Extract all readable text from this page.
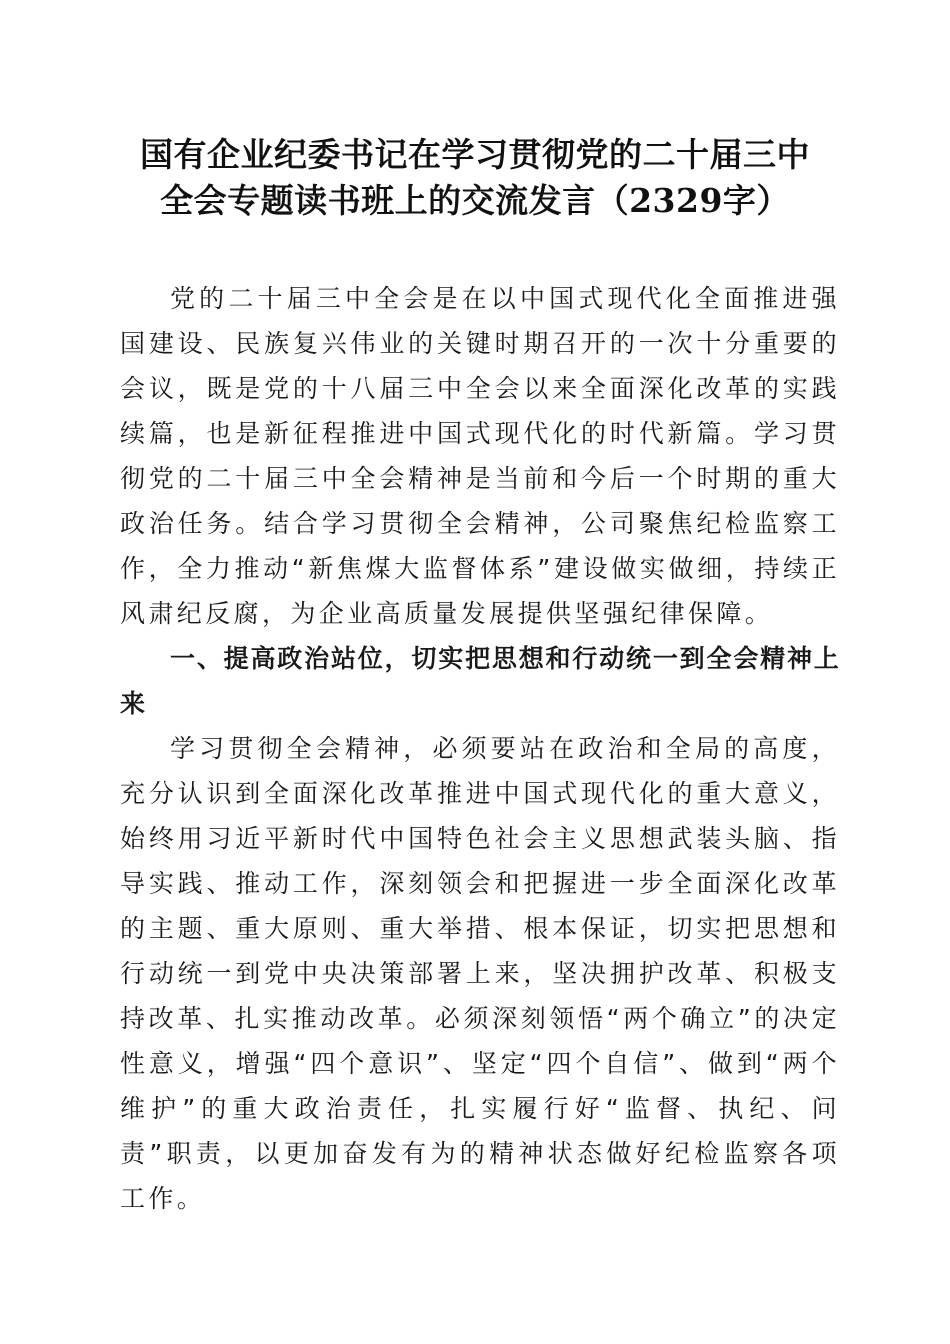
国有企业纪委书记在学习贯彻党的二十届三中
全会专题读书班上的交流发言（2329字）

党的二十届三中全会是在以中国式现代化全面推进强国建设、民族复兴伟业的关键时期召开的一次十分重要的会议，既是党的十八届三中全会以来全面深化改革的实践续篇，也是新征程推进中国式现代化的时代新篇。学习贯彻党的二十届三中全会精神是当前和今后一个时期的重大政治任务。结合学习贯彻全会精神，公司聚焦纪检监察工作，全力推动“新焦煤大监督体系”建设做实做细，持续正风肃纪反腐，为企业高质量发展提供坚强纪律保障。

一、提高政治站位，切实把思想和行动统一到全会精神上来

学习贯彻全会精神，必须要站在政治和全局的高度，充分认识到全面深化改革推进中国式现代化的重大意义，始终用习近平新时代中国特色社会主义思想武装头脑、指导实践、推动工作，深刻领会和把握进一步全面深化改革的主题、重大原则、重大举措、根本保证，切实把思想和行动统一到党中央决策部署上来，坚决拥护改革、积极支持改革、扎实推动改革。必须深刻领悟“两个确立”的决定性意义，增强“四个意识”、坚定“四个自信”、做到“两个维护”的重大政治责任，扎实履行好“监督、执纪、问责”职责，以更加奋发有为的精神状态做好纪检监察各项工作。
